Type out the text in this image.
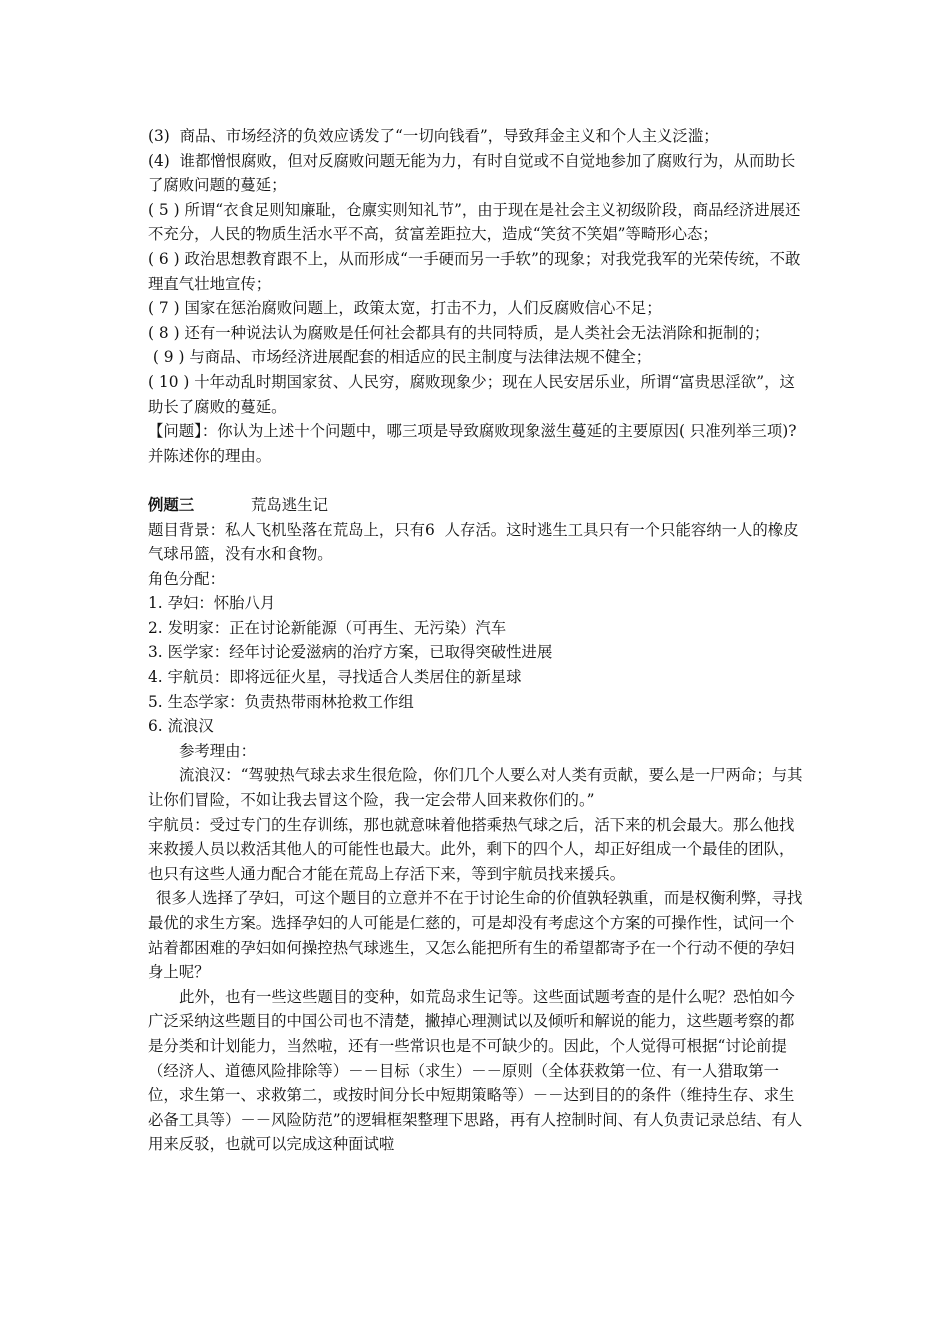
(3)  商品、市场经济的负效应诱发了“一切向钱看”，导致拜金主义和个人主义泛滥；

(4)  谁都憎恨腐败，但对反腐败问题无能为力，有时自觉或不自觉地参加了腐败行为，从而助长了腐败问题的蔓延；

( 5 ) 所谓“衣食足则知廉耻，仓廪实则知礼节”，由于现在是社会主义初级阶段，商品经济进展还不充分，人民的物质生活水平不高，贫富差距拉大，造成“笑贫不笑娼”等畸形心态；

( 6 ) 政治思想教育跟不上，从而形成“一手硬而另一手软”的现象；对我党我军的光荣传统，不敢理直气壮地宣传；

( 7 ) 国家在惩治腐败问题上，政策太宽，打击不力，人们反腐败信心不足；

( 8 ) 还有一种说法认为腐败是任何社会都具有的共同特质，是人类社会无法消除和扼制的；

( 9 ) 与商品、市场经济进展配套的相适应的民主制度与法律法规不健全；

( 10 ) 十年动乱时期国家贫、人民穷，腐败现象少；现在人民安居乐业，所谓“富贵思淫欲”，这助长了腐败的蔓延。

【问题】：你认为上述十个问题中，哪三项是导致腐败现象滋生蔓延的主要原因( 只准列举三项)? 并陈述你的理由。

例题三	荒岛逃生记

题目背景：私人飞机坠落在荒岛上，只有6  人存活。这时逃生工具只有一个只能容纳一人的橡皮气球吊篮，没有水和食物。

角色分配：

1. 孕妇：怀胎八月

2. 发明家：正在讨论新能源（可再生、无污染）汽车

3. 医学家：经年讨论爱滋病的治疗方案，已取得突破性进展

4. 宇航员：即将远征火星，寻找适合人类居住的新星球

5. 生态学家：负责热带雨林抢救工作组

6. 流浪汉

参考理由：

流浪汉：“驾驶热气球去求生很危险，你们几个人要么对人类有贡献，要么是一尸两命；与其让你们冒险，不如让我去冒这个险，我一定会带人回来救你们的。”

宇航员：受过专门的生存训练，那也就意味着他搭乘热气球之后，活下来的机会最大。那么他找来救援人员以救活其他人的可能性也最大。此外，剩下的四个人，却正好组成一个最佳的团队，也只有这些人通力配合才能在荒岛上存活下来，等到宇航员找来援兵。

很多人选择了孕妇，可这个题目的立意并不在于讨论生命的价值孰轻孰重，而是权衡利弊，寻找最优的求生方案。选择孕妇的人可能是仁慈的，可是却没有考虑这个方案的可操作性，试问一个站着都困难的孕妇如何操控热气球逃生，又怎么能把所有生的希望都寄予在一个行动不便的孕妇身上呢？

此外，也有一些这些题目的变种，如荒岛求生记等。这些面试题考查的是什么呢？恐怕如今广泛采纳这些题目的中国公司也不清楚，撇掉心理测试以及倾听和解说的能力，这些题考察的都是分类和计划能力，当然啦，还有一些常识也是不可缺少的。因此，个人觉得可根据“讨论前提（经济人、道德风险排除等）－－目标（求生）－－原则（全体获救第一位、有一人猎取第一位，求生第一、求救第二，或按时间分长中短期策略等）－－达到目的的条件（维持生存、求生必备工具等）－－风险防范”的逻辑框架整理下思路，再有人控制时间、有人负责记录总结、有人用来反驳，也就可以完成这种面试啦
